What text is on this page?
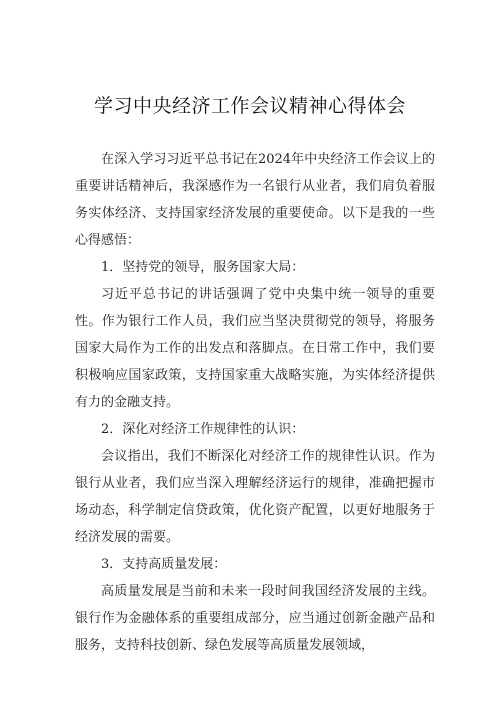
学习中央经济工作会议精神心得体会

在深入学习习近平总书记在2024年中央经济工作会议上的重要讲话精神后，我深感作为一名银行从业者，我们肩负着服务实体经济、支持国家经济发展的重要使命。以下是我的一些心得感悟：

1．坚持党的领导，服务国家大局：

习近平总书记的讲话强调了党中央集中统一领导的重要性。作为银行工作人员，我们应当坚决贯彻党的领导，将服务国家大局作为工作的出发点和落脚点。在日常工作中，我们要积极响应国家政策，支持国家重大战略实施，为实体经济提供有力的金融支持。

2．深化对经济工作规律性的认识：

会议指出，我们不断深化对经济工作的规律性认识。作为银行从业者，我们应当深入理解经济运行的规律，准确把握市场动态，科学制定信贷政策，优化资产配置，以更好地服务于经济发展的需要。

3．支持高质量发展：

高质量发展是当前和未来一段时间我国经济发展的主线。银行作为金融体系的重要组成部分，应当通过创新金融产品和服务，支持科技创新、绿色发展等高质量发展领域，
